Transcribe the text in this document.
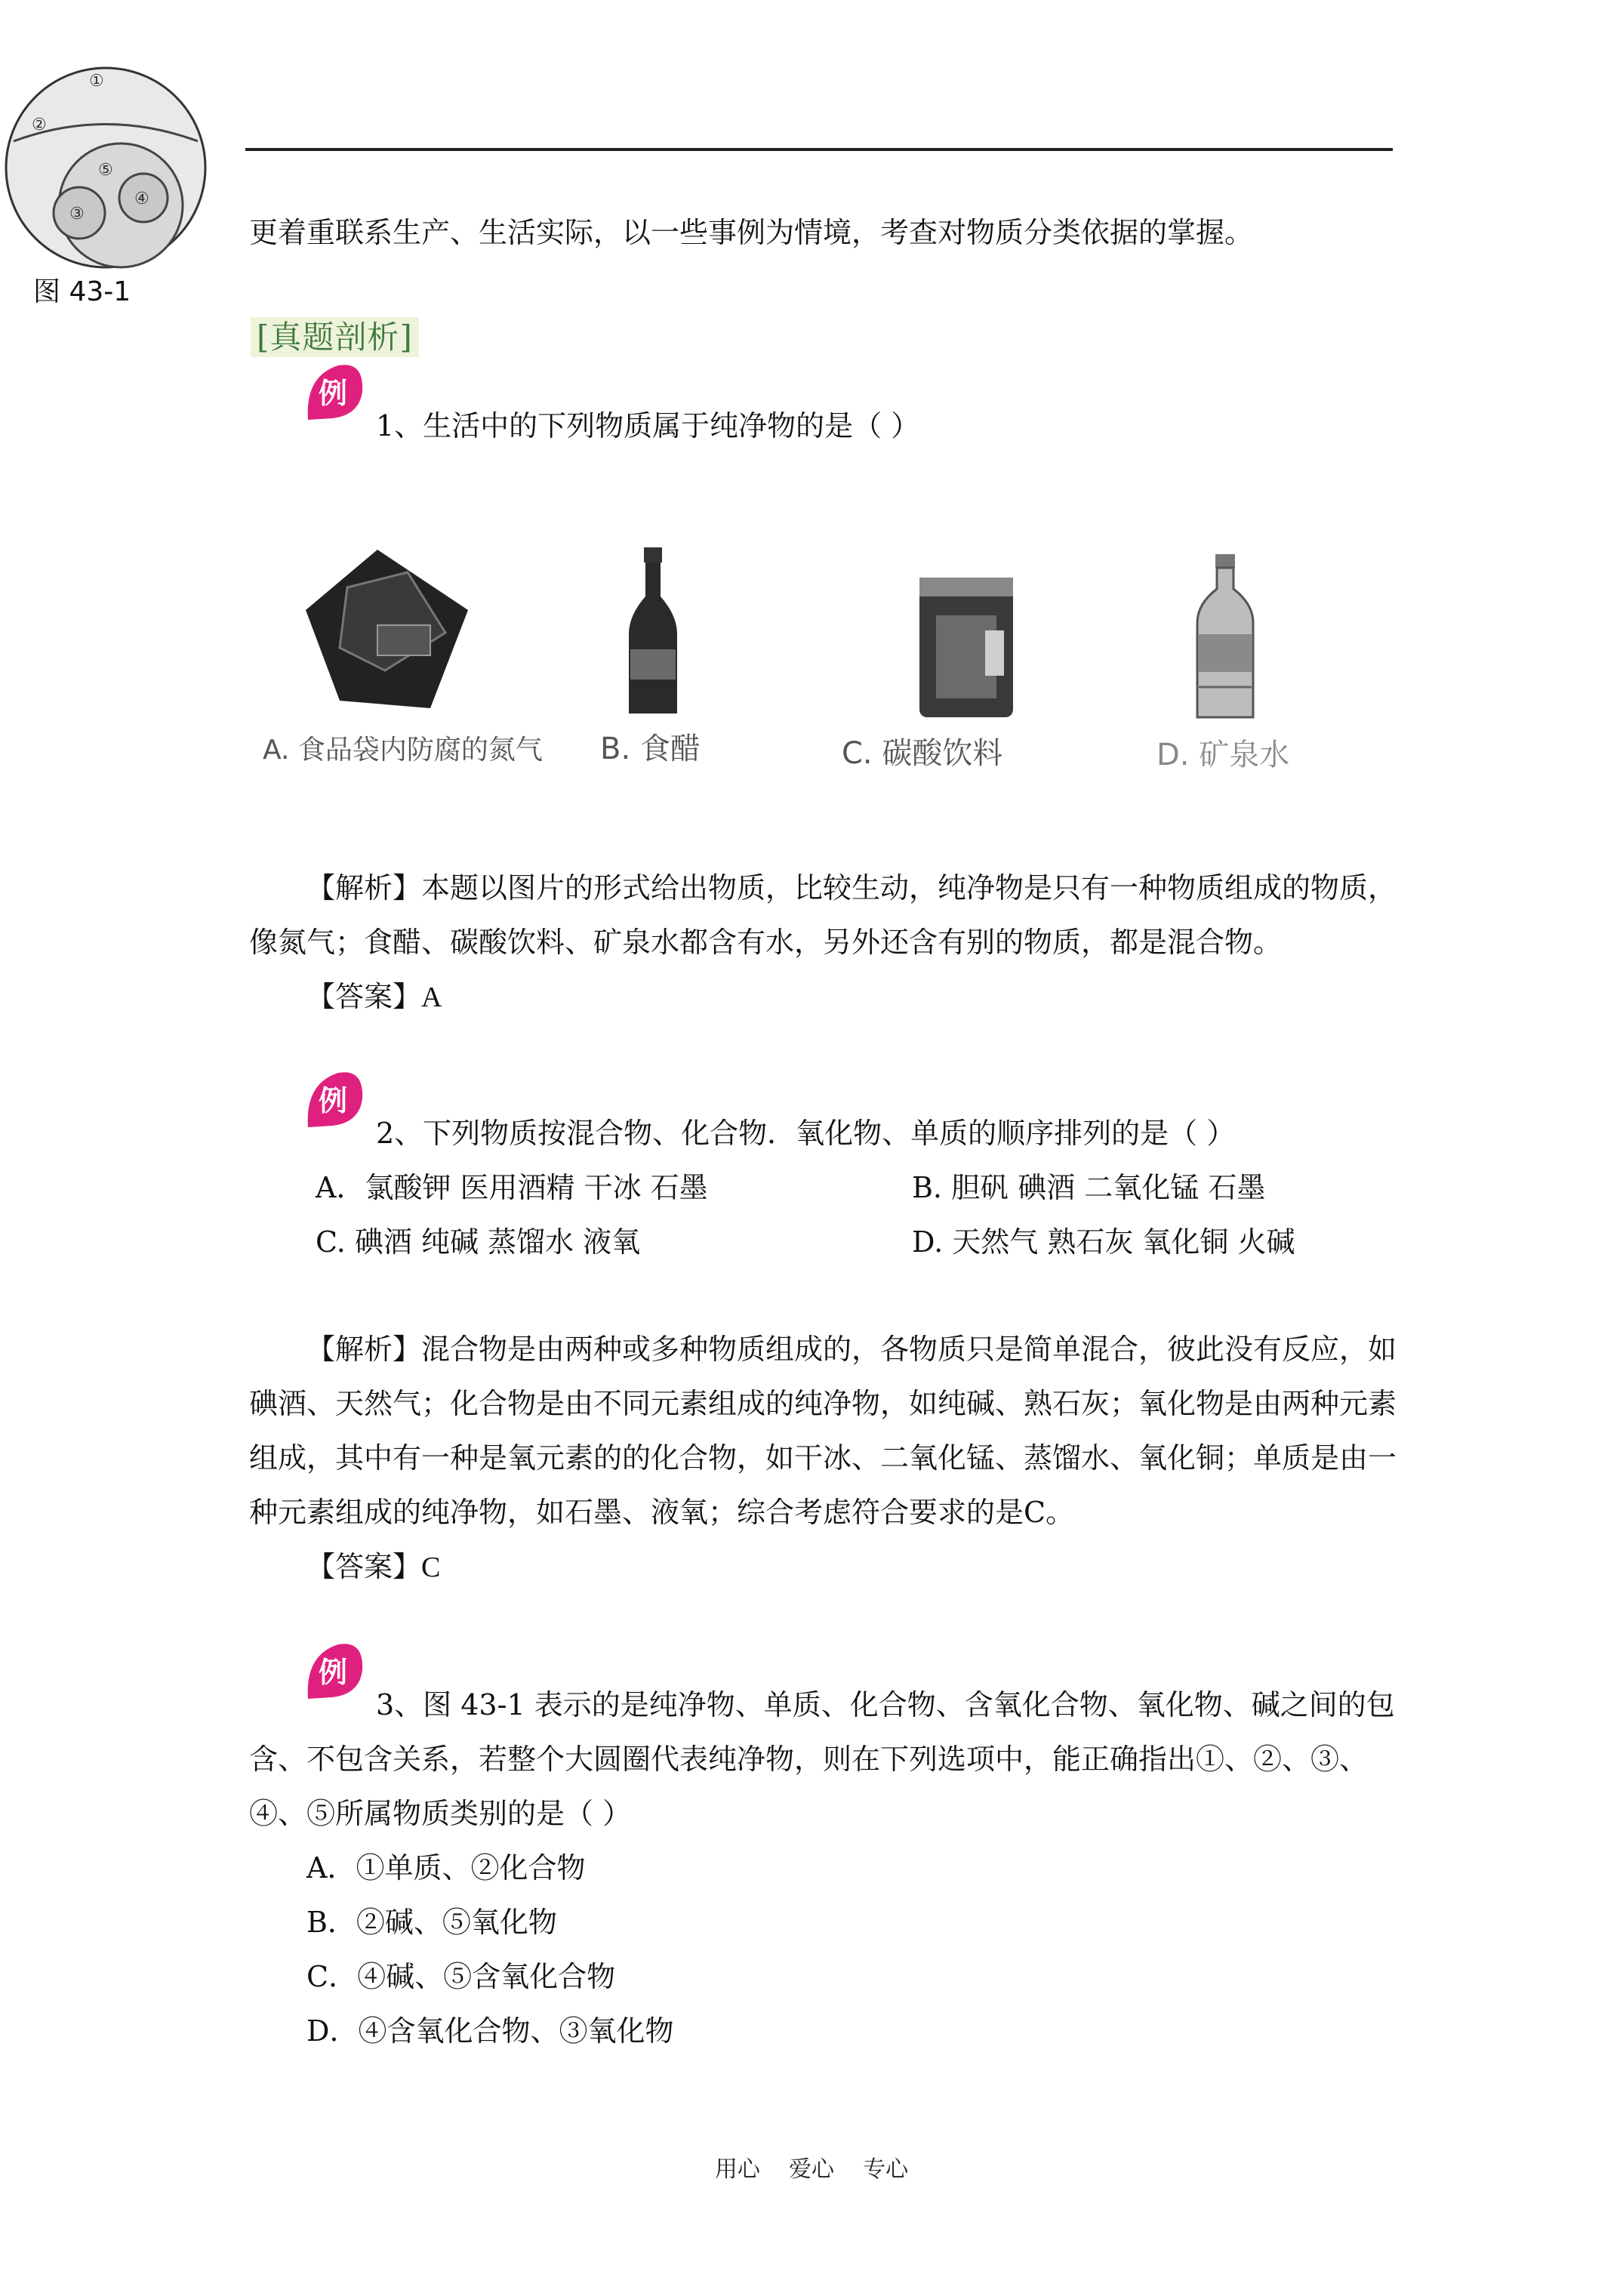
①
②
③
④
⑤
图 43-1
更着重联系生产、生活实际，以一些事例为情境，考查对物质分类依据的掌握。
[真题剖析]
例
1、生活中的下列物质属于纯净物的是（ ）
A. 食品袋内防腐的氮气 B. 食醋	C. 碳酸饮料	D. 矿泉水
【解析】本题以图片的形式给出物质，比较生动，纯净物是只有一种物质组成的物质，
像氮气；食醋、碳酸饮料、矿泉水都含有水，另外还含有别的物质，都是混合物。
【答案】A
例
2、下列物质按混合物、化合物．氧化物、单质的顺序排列的是（ ）
A．氯酸钾 医用酒精 干冰 石墨	B. 胆矾 碘酒 二氧化锰 石墨
C. 碘酒 纯碱 蒸馏水 液氧	D. 天然气 熟石灰 氧化铜 火碱
【解析】混合物是由两种或多种物质组成的，各物质只是简单混合，彼此没有反应，如
碘酒、天然气；化合物是由不同元素组成的纯净物，如纯碱、熟石灰；氧化物是由两种元素
组成，其中有一种是氧元素的的化合物，如干冰、二氧化锰、蒸馏水、氧化铜；单质是由一
种元素组成的纯净物，如石墨、液氧；综合考虑符合要求的是C。
【答案】C
例
3、图 43-1 表示的是纯净物、单质、化合物、含氧化合物、氧化物、碱之间的包
含、不包含关系，若整个大圆圈代表纯净物，则在下列选项中，能正确指出①、②、③、
④、⑤所属物质类别的是（ ）
A．①单质、②化合物
B．②碱、⑤氧化物
C．④碱、⑤含氧化合物
D．④含氧化合物、③氧化物
用心    爱心    专心
